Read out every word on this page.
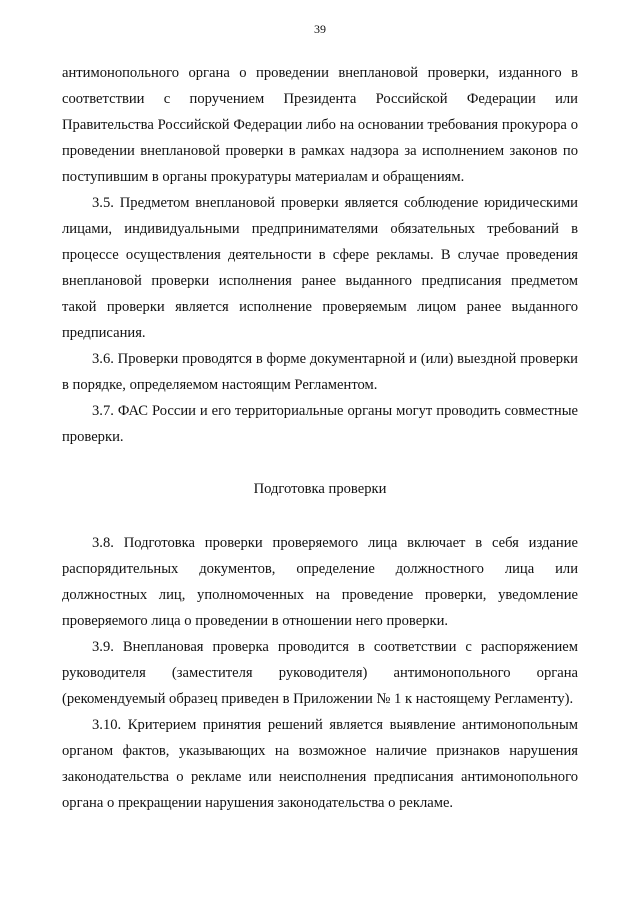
39

антимонопольного органа о проведении внеплановой проверки, изданного в соответствии с поручением Президента Российской Федерации или Правительства Российской Федерации либо на основании требования прокурора о проведении внеплановой проверки в рамках надзора за исполнением законов по поступившим в органы прокуратуры материалам и обращениям.

3.5. Предметом внеплановой проверки является соблюдение юридическими лицами, индивидуальными предпринимателями обязательных требований в процессе осуществления деятельности в сфере рекламы. В случае проведения внеплановой проверки исполнения ранее выданного предписания предметом такой проверки является исполнение проверяемым лицом ранее выданного предписания.

3.6. Проверки проводятся в форме документарной и (или) выездной проверки в порядке, определяемом настоящим Регламентом.

3.7. ФАС России и его территориальные органы могут проводить совместные проверки.

Подготовка проверки

3.8. Подготовка проверки проверяемого лица включает в себя издание распорядительных документов, определение должностного лица или должностных лиц, уполномоченных на проведение проверки, уведомление проверяемого лица о проведении в отношении него проверки.

3.9. Внеплановая проверка проводится в соответствии с распоряжением руководителя (заместителя руководителя) антимонопольного органа (рекомендуемый образец приведен в Приложении № 1 к настоящему Регламенту).

3.10. Критерием принятия решений является выявление антимонопольным органом фактов, указывающих на возможное наличие признаков нарушения законодательства о рекламе или неисполнения предписания антимонопольного органа о прекращении нарушения законодательства о рекламе.
